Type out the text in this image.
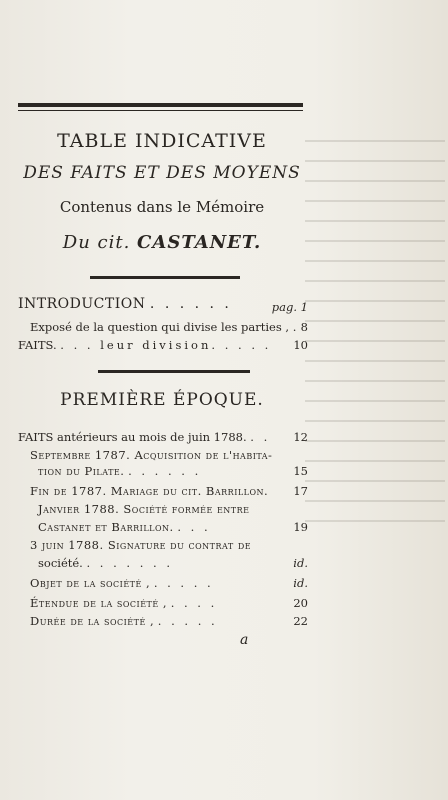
TABLE INDICATIVE
DES FAITS ET DES MOYENS
Contenus dans le Mémoire
Du cit. CASTANET.
INTRODUCTION . . . . . .	pag. 1
Exposé de la question qui divise les parties , . 8
FAITS. . . . leur division. . . . . 10
PREMIÈRE ÉPOQUE.
FAITS antérieurs au mois de juin 1788. . . 12
Septembre 1787. Acquisition de l'habita-
tion du Pilate. . . . . . .	15
Fin de 1787. Mariage du cit. Barrillon. 17
Janvier 1788. Société formée entre
Castanet et Barrillon. . . .	19
3 juin 1788. Signature du contrat de
société. . . . . . . .	id.
Objet de la société , . . . . .	id.
Étendue de la société , . . . .	20
Durée de la société , . . . . .	22
a
